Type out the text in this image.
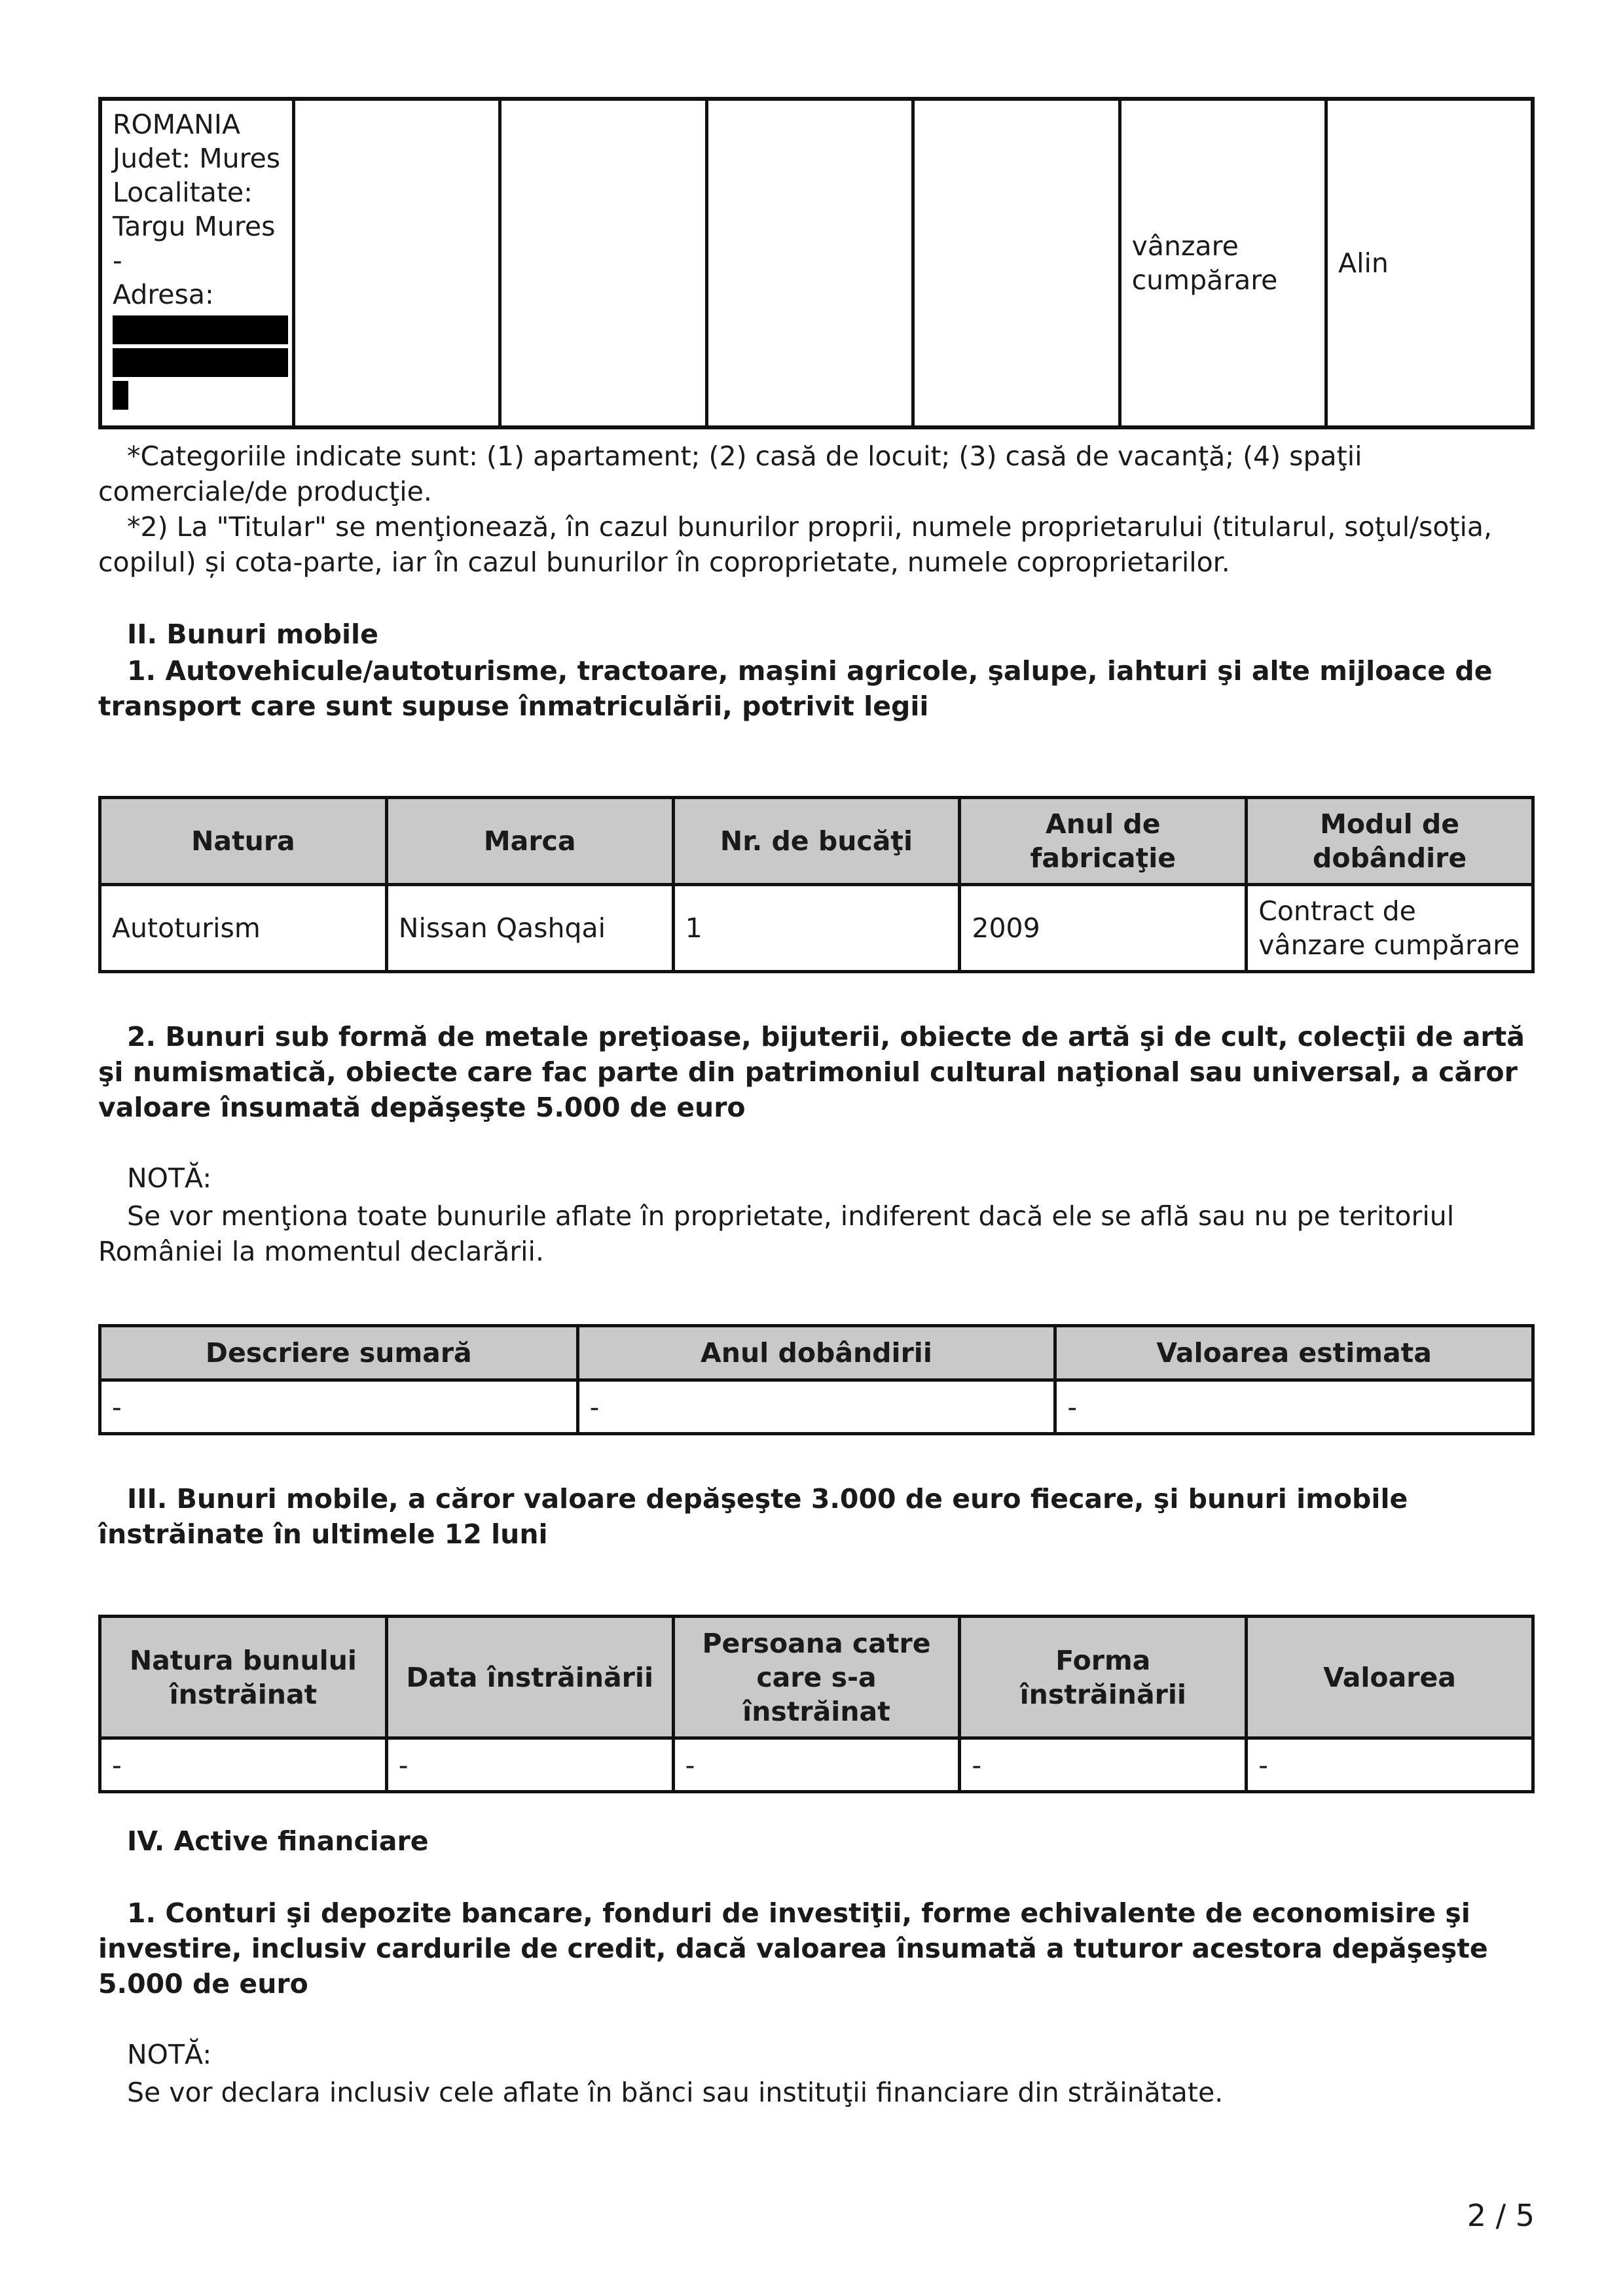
ROMANIA
Judet: Mures
Localitate:
Targu Mures
-
Adresa:
					vânzare cumpărare	Alin

*Categoriile indicate sunt: (1) apartament; (2) casă de locuit; (3) casă de vacanţă; (4) spaţii comerciale/de producţie.

*2) La "Titular" se menţionează, în cazul bunurilor proprii, numele proprietarului (titularul, soţul/soţia, copilul) și cota-parte, iar în cazul bunurilor în coproprietate, numele coproprietarilor.

II. Bunuri mobile

1. Autovehicule/autoturisme, tractoare, maşini agricole, şalupe, iahturi şi alte mijloace de transport care sunt supuse înmatriculării, potrivit legii

Natura	Marca	Nr. de bucăţi	Anul de fabricaţie	Modul de dobândire
Autoturism	Nissan Qashqai	1	2009	Contract de vânzare cumpărare

2. Bunuri sub formă de metale preţioase, bijuterii, obiecte de artă şi de cult, colecţii de artă şi numismatică, obiecte care fac parte din patrimoniul cultural naţional sau universal, a căror valoare însumată depăşeşte 5.000 de euro

NOTĂ:

Se vor menţiona toate bunurile aflate în proprietate, indiferent dacă ele se află sau nu pe teritoriul României la momentul declarării.

Descriere sumară	Anul dobândirii	Valoarea estimata
-	-	-

III. Bunuri mobile, a căror valoare depăşeşte 3.000 de euro fiecare, şi bunuri imobile înstrăinate în ultimele 12 luni

Natura bunului înstrăinat	Data înstrăinării	Persoana catre care s-a înstrăinat	Forma înstrăinării	Valoarea
-	-	-	-	-

IV. Active financiare

1. Conturi şi depozite bancare, fonduri de investiţii, forme echivalente de economisire şi investire, inclusiv cardurile de credit, dacă valoarea însumată a tuturor acestora depăşeşte 5.000 de euro

NOTĂ:

Se vor declara inclusiv cele aflate în bănci sau instituţii financiare din străinătate.

2 / 5
